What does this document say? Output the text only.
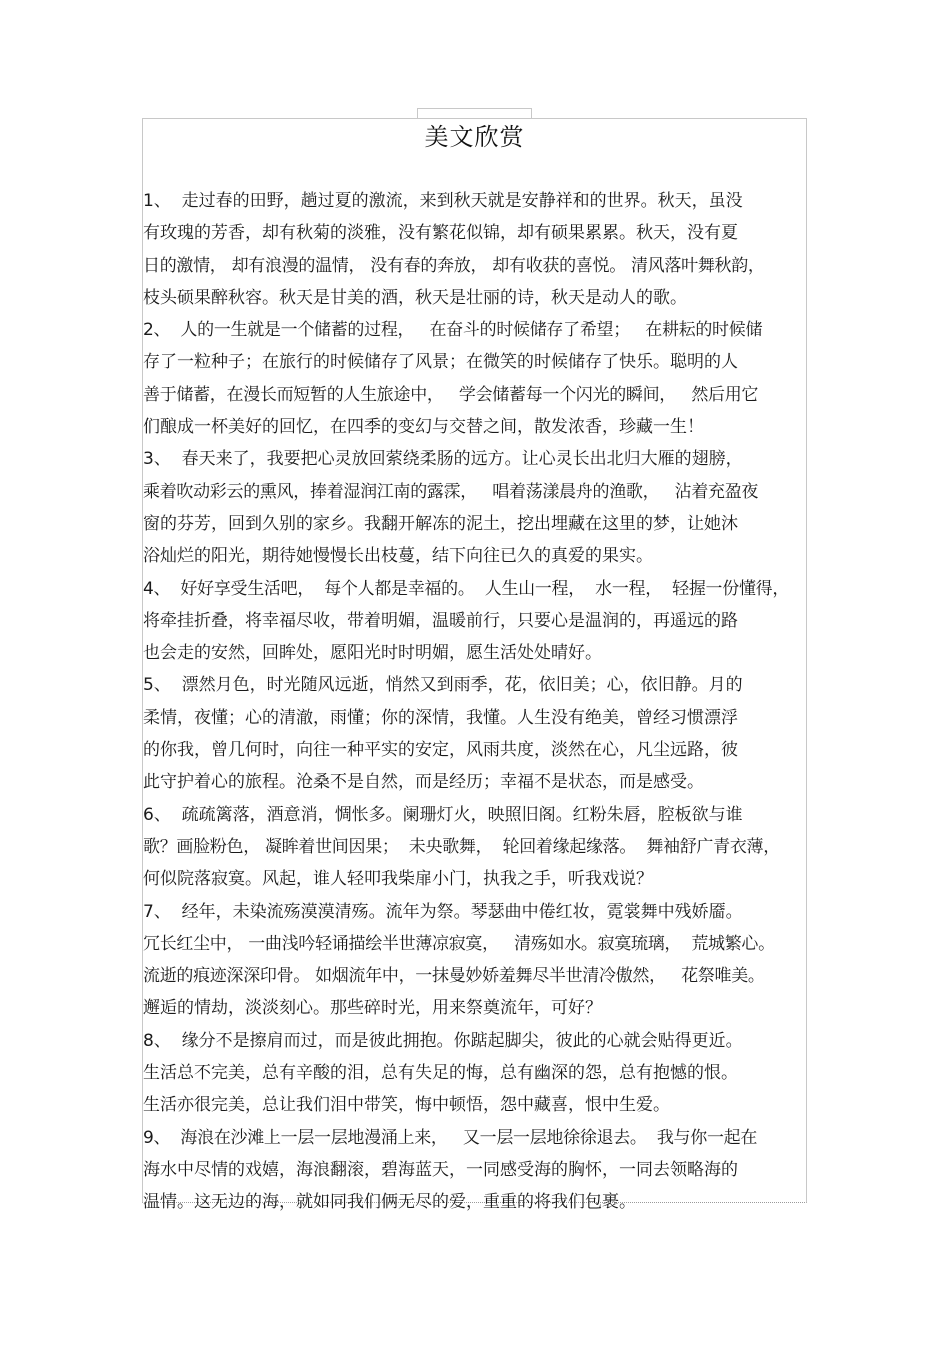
美文欣赏
1、  走过春的田野，趟过夏的激流，来到秋天就是安静祥和的世界。秋天，虽没
有玫瑰的芳香，却有秋菊的淡雅，没有繁花似锦，却有硕果累累。秋天，没有夏
日的激情， 却有浪漫的温情， 没有春的奔放， 却有收获的喜悦。 清风落叶舞秋韵，
枝头硕果醉秋容。秋天是甘美的酒，秋天是壮丽的诗，秋天是动人的歌。
2、  人的一生就是一个储蓄的过程，   在奋斗的时候储存了希望；   在耕耘的时候储
存了一粒种子；在旅行的时候储存了风景；在微笑的时候储存了快乐。聪明的人
善于储蓄，在漫长而短暂的人生旅途中，   学会储蓄每一个闪光的瞬间，   然后用它
们酿成一杯美好的回忆，在四季的变幻与交替之间，散发浓香，珍藏一生！
3、  春天来了，我要把心灵放回萦绕柔肠的远方。让心灵长出北归大雁的翅膀，
乘着吹动彩云的熏风，捧着湿润江南的露霂，   唱着荡漾晨舟的渔歌，   沾着充盈夜
窗的芬芳，回到久别的家乡。我翻开解冻的泥土，挖出埋藏在这里的梦，让她沐
浴灿烂的阳光，期待她慢慢长出枝蔓，结下向往已久的真爱的果实。
4、  好好享受生活吧，  每个人都是幸福的。  人生山一程，  水一程，  轻握一份懂得，
将牵挂折叠，将幸福尽收，带着明媚，温暖前行，只要心是温润的，再遥远的路
也会走的安然，回眸处，愿阳光时时明媚，愿生活处处晴好。
5、  漂然月色，时光随风远逝，悄然又到雨季，花，依旧美；心，依旧静。月的
柔情，夜懂；心的清澈，雨懂；你的深情，我懂。人生没有绝美，曾经习惯漂浮
的你我，曾几何时，向往一种平实的安定，风雨共度，淡然在心，凡尘远路，彼
此守护着心的旅程。沧桑不是自然，而是经历；幸福不是状态，而是感受。
6、  疏疏篱落，酒意消，惆怅多。阑珊灯火，映照旧阁。红粉朱唇，腔板欲与谁
歌？画脸粉色， 凝眸着世间因果；  未央歌舞，  轮回着缘起缘落。  舞袖舒广青衣薄，
何似院落寂寞。风起，谁人轻叩我柴扉小门，执我之手，听我戏说？
7、  经年，未染流殇漠漠清殇。流年为祭。琴瑟曲中倦红妆，霓裳舞中残娇靥。
冗长红尘中， 一曲浅吟轻诵描绘半世薄凉寂寞，   清殇如水。寂寞琉璃，  荒城繁心。
流逝的痕迹深深印骨。 如烟流年中，一抹曼妙娇羞舞尽半世清冷傲然，   花祭唯美。
邂逅的情劫，淡淡刻心。那些碎时光，用来祭奠流年，可好？
8、  缘分不是擦肩而过，而是彼此拥抱。你踮起脚尖，彼此的心就会贴得更近。
生活总不完美，总有辛酸的泪，总有失足的悔，总有幽深的怨，总有抱憾的恨。
生活亦很完美，总让我们泪中带笑，悔中顿悟，怨中藏喜，恨中生爱。
9、  海浪在沙滩上一层一层地漫涌上来，   又一层一层地徐徐退去。  我与你一起在
海水中尽情的戏嬉，海浪翻滚，碧海蓝天，一同感受海的胸怀，一同去领略海的
温情。这无边的海，就如同我们俩无尽的爱，重重的将我们包裹。
